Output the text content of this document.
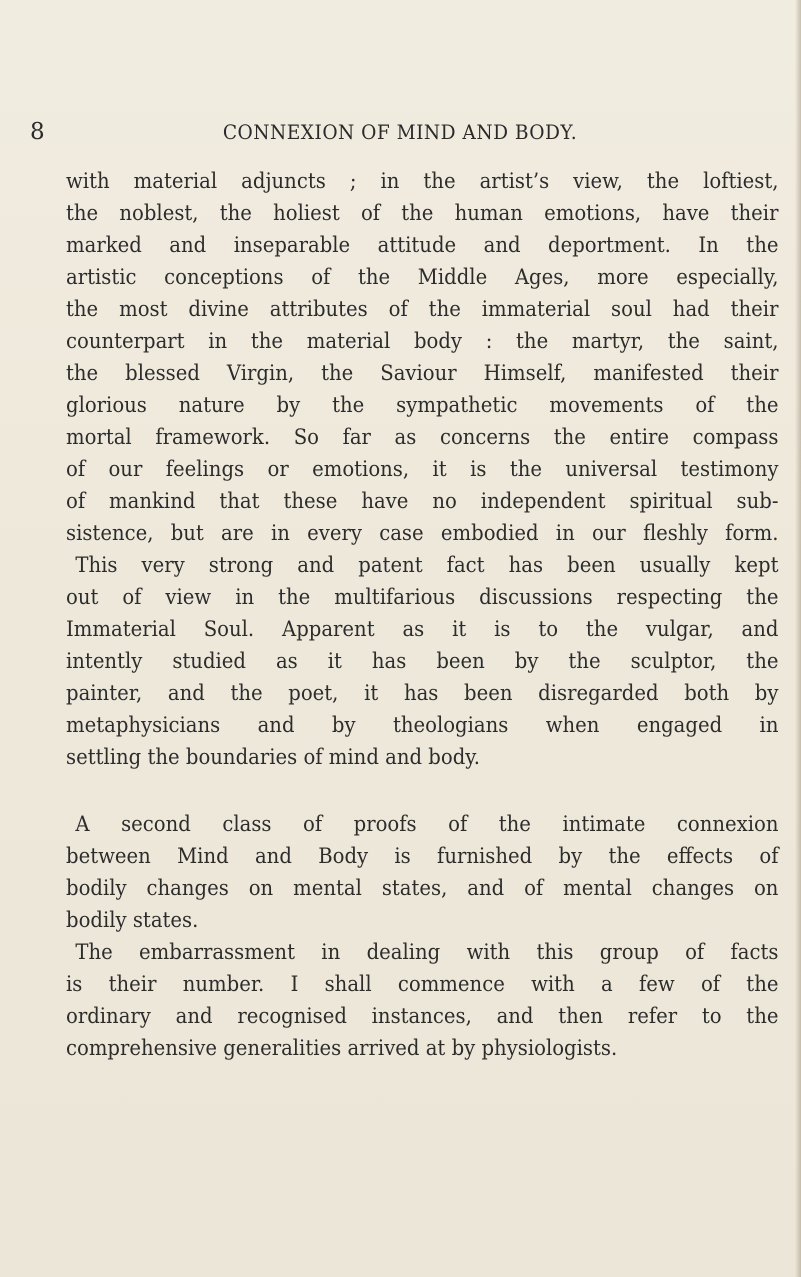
8	CONNEXION OF MIND AND BODY.
with material adjuncts ; in the artist’s view, the loftiest,
the noblest, the holiest of the human emotions, have their
marked and inseparable attitude and deportment. In the
artistic conceptions of the Middle Ages, more especially,
the most divine attributes of the immaterial soul had their
counterpart in the material body : the martyr, the saint,
the blessed Virgin, the Saviour Himself, manifested their
glorious nature by the sympathetic movements of the
mortal framework. So far as concerns the entire compass
of our feelings or emotions, it is the universal testimony
of mankind that these have no independent spiritual sub-
sistence, but are in every case embodied in our fleshly form.
This very strong and patent fact has been usually kept
out of view in the multifarious discussions respecting the
Immaterial Soul. Apparent as it is to the vulgar, and
intently studied as it has been by the sculptor, the
painter, and the poet, it has been disregarded both by
metaphysicians and by theologians when engaged in
settling the boundaries of mind and body.
A second class of proofs of the intimate connexion
between Mind and Body is furnished by the effects of
bodily changes on mental states, and of mental changes on
bodily states.
The embarrassment in dealing with this group of facts
is their number. I shall commence with a few of the
ordinary and recognised instances, and then refer to the
comprehensive generalities arrived at by physiologists.
